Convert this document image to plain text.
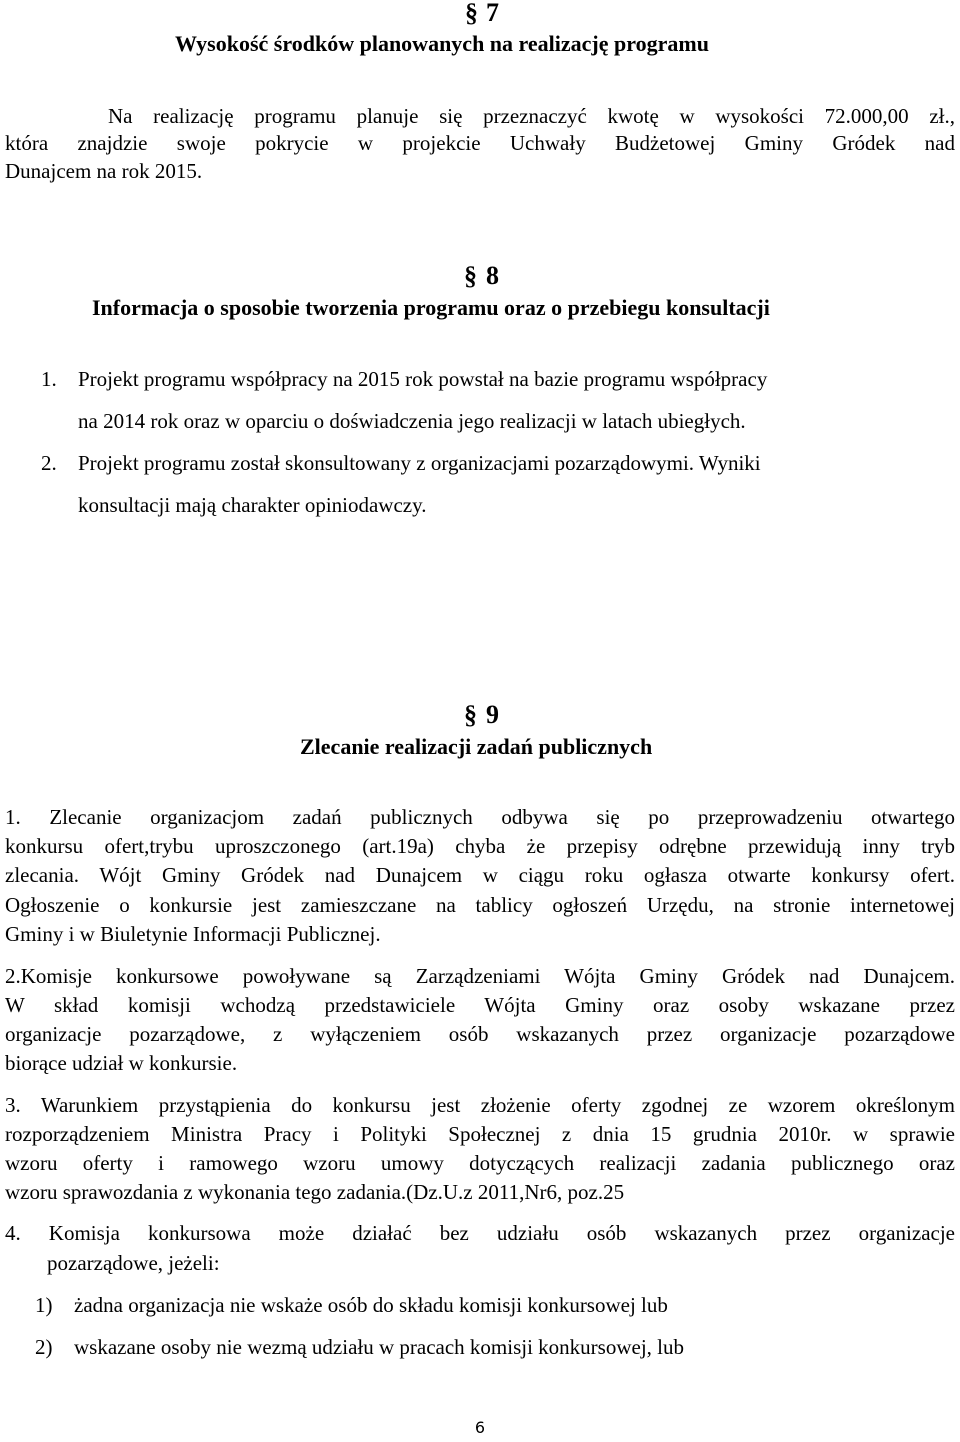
§ 7

Wysokość środków planowanych na realizację programu

Na realizację programu planuje się przeznaczyć kwotę w wysokości 72.000,00 zł.,

która znajdzie swoje pokrycie w projekcie Uchwały Budżetowej Gminy Gródek nad

Dunajcem na rok 2015.

§ 8

Informacja o sposobie tworzenia programu oraz o przebiegu konsultacji

1. Projekt programu współpracy na 2015 rok powstał na bazie programu współpracy
na 2014 rok oraz w oparciu o doświadczenia jego realizacji w latach ubiegłych.
2. Projekt programu został skonsultowany z organizacjami pozarządowymi. Wyniki
konsultacji mają charakter opiniodawczy.
§ 9

Zlecanie realizacji zadań publicznych

1. Zlecanie organizacjom zadań publicznych odbywa się po przeprowadzeniu otwartego

konkursu ofert,trybu uproszczonego (art.19a) chyba że przepisy odrębne przewidują inny tryb

zlecania. Wójt Gminy Gródek nad Dunajcem w ciągu roku ogłasza otwarte konkursy ofert.

Ogłoszenie o konkursie jest zamieszczane na tablicy ogłoszeń Urzędu, na stronie internetowej

Gminy i w Biuletynie Informacji Publicznej.

2.Komisje konkursowe powoływane są Zarządzeniami Wójta Gminy Gródek nad Dunajcem.

W skład komisji wchodzą przedstawiciele Wójta Gminy oraz osoby wskazane przez

organizacje pozarządowe, z wyłączeniem osób wskazanych przez organizacje pozarządowe

biorące udział w konkursie.

3. Warunkiem przystąpienia do konkursu jest złożenie oferty zgodnej ze wzorem określonym

rozporządzeniem Ministra Pracy i Polityki Społecznej z dnia 15 grudnia 2010r. w sprawie

wzoru oferty i ramowego wzoru umowy dotyczących realizacji zadania publicznego oraz

wzoru sprawozdania z wykonania tego zadania.(Dz.U.z 2011,Nr6, poz.25

4. Komisja konkursowa może działać bez udziału osób wskazanych przez organizacje

pozarządowe, jeżeli:

1) żadna organizacja nie wskaże osób do składu komisji konkursowej lub
2) wskazane osoby nie wezmą udziału w pracach komisji konkursowej, lub
6
